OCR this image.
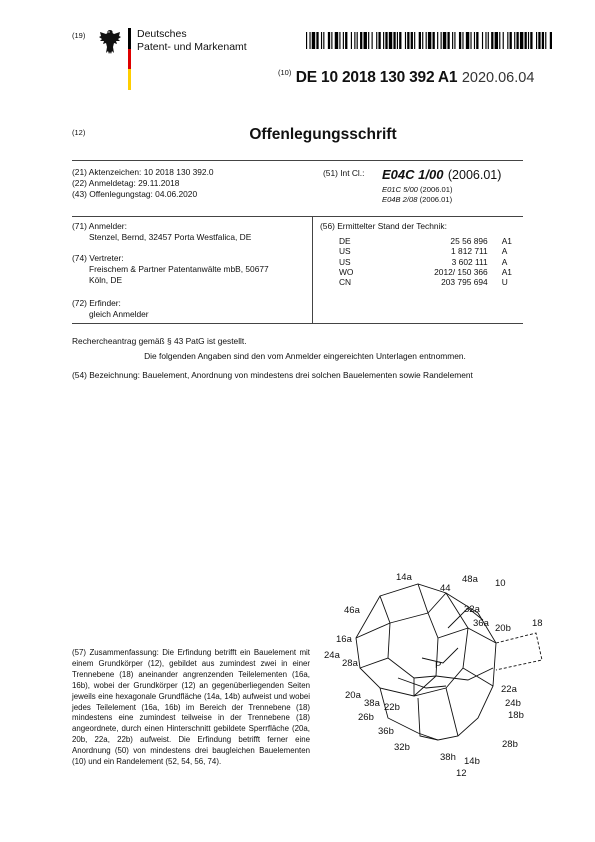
(19)	Deutsches
Patent- und Markenamt
$^{(10)}$ DE 10 2018 130 392 A1 2020.06.04
(12)	Offenlegungsschrift
(21) Aktenzeichen: 10 2018 130 392.0
(22) Anmeldetag: 29.11.2018
(43) Offenlegungstag: 04.06.2020
(51) Int Cl.: E04C 1/00 (2006.01)
E01C 5/00 (2006.01)
E04B 2/08 (2006.01)
(71) Anmelder:
Stenzel, Bernd, 32457 Porta Westfalica, DE
(74) Vertreter:
Freischem & Partner Patentanwälte mbB, 50677
Köln, DE
(72) Erfinder:
gleich Anmelder
(56) Ermittelter Stand der Technik:
DE	25 56 896	A1
US	1 812 711	A
US	3 602 111	A
WO	2012/ 150 366	A1
CN	203 795 694	U
Rechercheantrag gemäß § 43 PatG ist gestellt.
Die folgenden Angaben sind den vom Anmelder eingereichten Unterlagen entnommen.
(54) Bezeichnung: Bauelement, Anordnung von mindestens drei solchen Bauelementen sowie Randelement
(57) Zusammenfassung: Die Erfindung betrifft ein Bauelement mit einem Grundkörper (12), gebildet aus zumindest zwei in einer Trennebene (18) aneinander angrenzenden Teilelementen (16a, 16b), wobei der Grundkörper (12) an gegenüberliegenden Seiten jeweils eine hexagonale Grundfläche (14a, 14b) aufweist und wobei jedes Teilelement (16a, 16b) im Bereich der Trennebene (18) mindestens eine zumindest teilweise in der Trennebene (18) angeordnete, durch einen Hinterschnitt gebildete Sperrfläche (20a, 20b, 22a, 22b) aufweist. Die Erfindung betrifft ferner eine Anordnung (50) von mindestens drei baugleichen Bauelementen (10) und ein Randelement (52, 54, 56, 74).
14a
44
48a 10
46a	32a
36a 20b 18
16a
24a
28a	P
20a
38a 22b
26b
22a
24b
36b
32b
18b
28b
38h 14b
12
